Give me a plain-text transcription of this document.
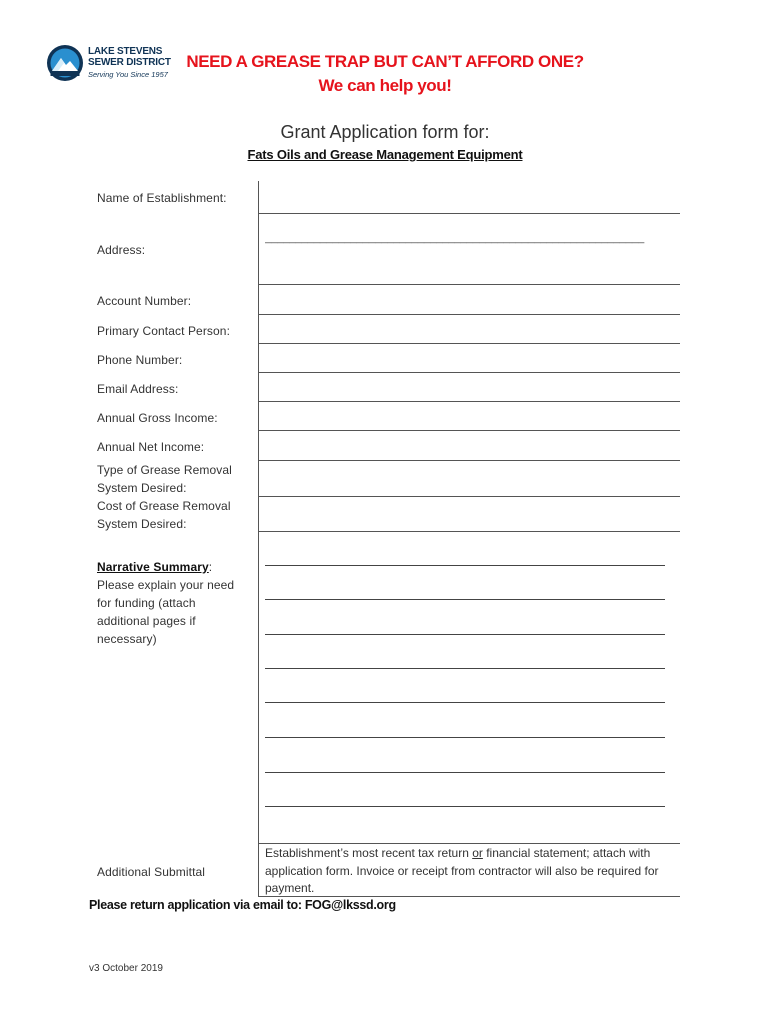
LAKE STEVENS
SEWER DISTRICT
Serving You Since 1957
NEED A GREASE TRAP BUT CAN’T AFFORD ONE?
We can help you!
Grant Application form for:
Fats Oils and Grease Management Equipment
Name of Establishment:
Address:
Account Number:
Primary Contact Person:
Phone Number:
Email Address:
Annual Gross Income:
Annual Net Income:
Type of Grease Removal
System Desired:
Cost of Grease Removal
System Desired:
______________________________________________________________
Narrative Summary:
Please explain your need
for funding (attach
additional pages if
necessary)
Additional Submittal
Establishment’s most recent tax return or financial statement; attach with application form. Invoice or receipt from contractor will also be required for payment.
Please return application via email to: FOG@lkssd.org
v3 October 2019
